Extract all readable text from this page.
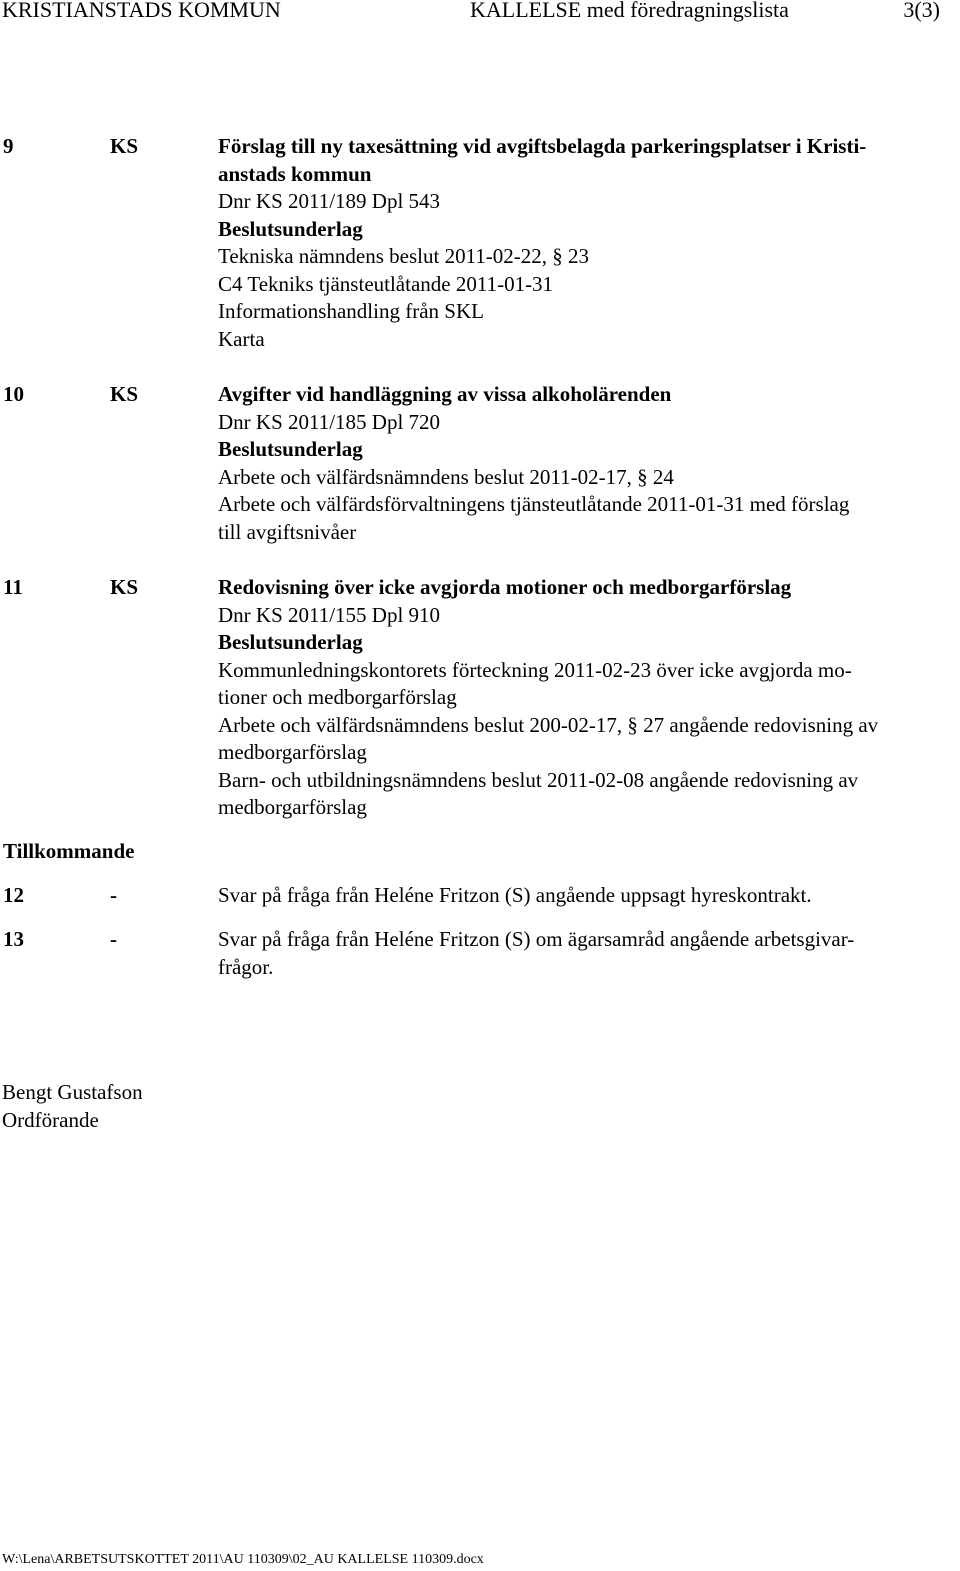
KRISTIANSTADS KOMMUN	KALLELSE med föredragningslista	3(3)
9	KS	Förslag till ny taxesättning vid avgiftsbelagda parkeringsplatser i Kristi-
anstads kommun
Dnr KS 2011/189 Dpl 543
Beslutsunderlag
Tekniska nämndens beslut 2011-02-22, § 23
C4 Tekniks tjänsteutlåtande 2011-01-31
Informationshandling från SKL
Karta
10	KS	Avgifter vid handläggning av vissa alkoholärenden
Dnr KS 2011/185 Dpl 720
Beslutsunderlag
Arbete och välfärdsnämndens beslut 2011-02-17, § 24
Arbete och välfärdsförvaltningens tjänsteutlåtande 2011-01-31 med förslag
till avgiftsnivåer
11	KS	Redovisning över icke avgjorda motioner och medborgarförslag
Dnr KS 2011/155 Dpl 910
Beslutsunderlag
Kommunledningskontorets förteckning 2011-02-23 över icke avgjorda mo-
tioner och medborgarförslag
Arbete och välfärdsnämndens beslut 200-02-17, § 27 angående redovisning av
medborgarförslag
Barn- och utbildningsnämndens beslut 2011-02-08 angående redovisning av
medborgarförslag
Tillkommande
12	-	Svar på fråga från Heléne Fritzon (S) angående uppsagt hyreskontrakt.
13	-	Svar på fråga från Heléne Fritzon (S) om ägarsamråd angående arbetsgivar-
frågor.
Bengt Gustafson
Ordförande
W:\Lena\ARBETSUTSKOTTET 2011\AU 110309\02_AU KALLELSE 110309.docx
